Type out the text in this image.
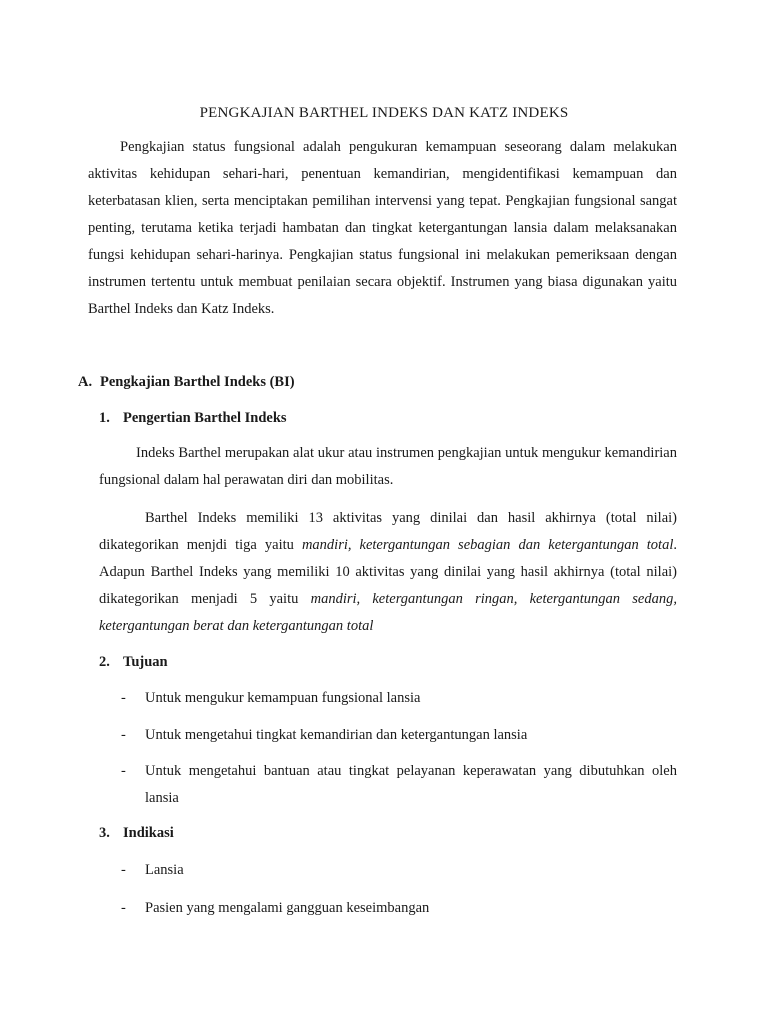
PENGKAJIAN BARTHEL INDEKS DAN KATZ INDEKS

Pengkajian status fungsional adalah pengukuran kemampuan seseorang dalam melakukan aktivitas kehidupan sehari-hari, penentuan kemandirian, mengidentifikasi kemampuan dan keterbatasan klien, serta menciptakan pemilihan intervensi yang tepat. Pengkajian fungsional sangat penting, terutama ketika terjadi hambatan dan tingkat ketergantungan lansia dalam melaksanakan fungsi kehidupan sehari-harinya. Pengkajian status fungsional ini melakukan pemeriksaan dengan instrumen tertentu untuk membuat penilaian secara objektif. Instrumen yang biasa digunakan yaitu Barthel Indeks dan Katz Indeks.

A. Pengkajian Barthel Indeks (BI)
1. Pengertian Barthel Indeks

Indeks Barthel merupakan alat ukur atau instrumen pengkajian untuk mengukur kemandirian fungsional dalam hal perawatan diri dan mobilitas.

Barthel Indeks memiliki 13 aktivitas yang dinilai dan hasil akhirnya (total nilai) dikategorikan menjdi tiga yaitu mandiri, ketergantungan sebagian dan ketergantungan total. Adapun Barthel Indeks yang memiliki 10 aktivitas yang dinilai yang hasil akhirnya (total nilai) dikategorikan menjadi 5 yaitu mandiri, ketergantungan ringan, ketergantungan sedang, ketergantungan berat dan ketergantungan total

2. Tujuan
- Untuk mengukur kemampuan fungsional lansia
- Untuk mengetahui tingkat kemandirian dan ketergantungan lansia
- Untuk mengetahui bantuan atau tingkat pelayanan keperawatan yang dibutuhkan oleh lansia
3. Indikasi
- Lansia
- Pasien yang mengalami gangguan keseimbangan
